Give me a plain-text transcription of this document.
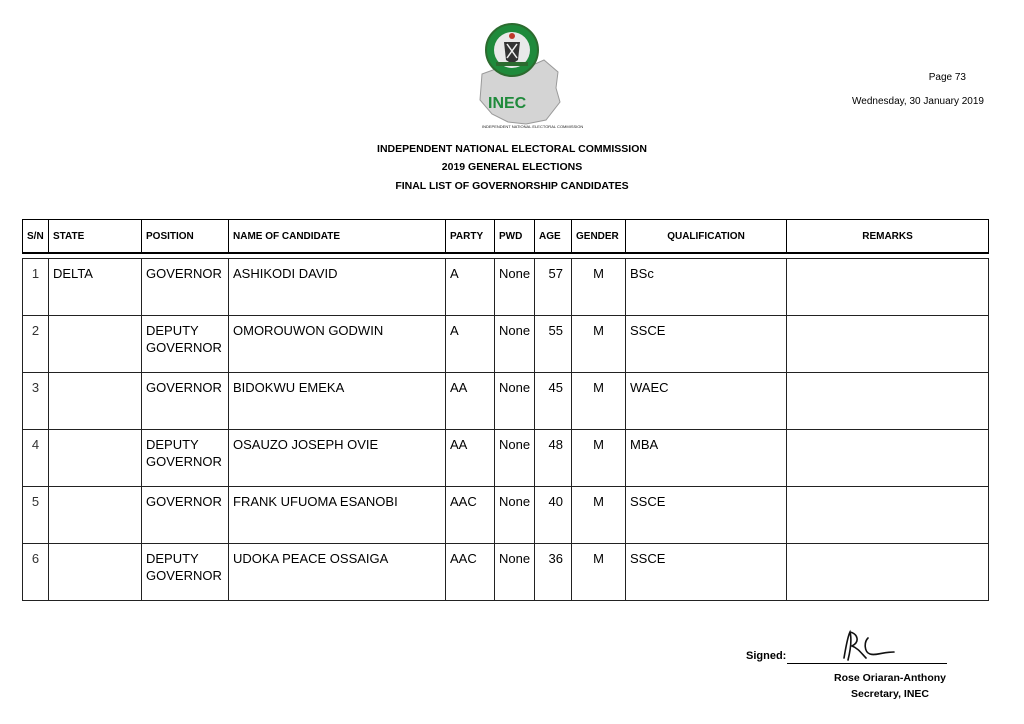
INEC
INDEPENDENT NATIONAL ELECTORAL COMMISSION
Page 73
Wednesday, 30 January 2019
INDEPENDENT NATIONAL ELECTORAL COMMISSION
2019 GENERAL ELECTIONS
FINAL LIST OF GOVERNORSHIP CANDIDATES
S/N	STATE	POSITION	NAME OF CANDIDATE	PARTY	PWD	AGE	GENDER	QUALIFICATION	REMARKS

1	DELTA	GOVERNOR	ASHIKODI DAVID	A	None	57	M	BSc	
2		DEPUTY GOVERNOR	OMOROUWON GODWIN	A	None	55	M	SSCE	
3		GOVERNOR	BIDOKWU EMEKA	AA	None	45	M	WAEC	
4		DEPUTY GOVERNOR	OSAUZO JOSEPH OVIE	AA	None	48	M	MBA	
5		GOVERNOR	FRANK UFUOMA ESANOBI	AAC	None	40	M	SSCE	
6		DEPUTY GOVERNOR	UDOKA PEACE OSSAIGA	AAC	None	36	M	SSCE	
Signed:
Rose Oriaran-Anthony
Secretary, INEC
